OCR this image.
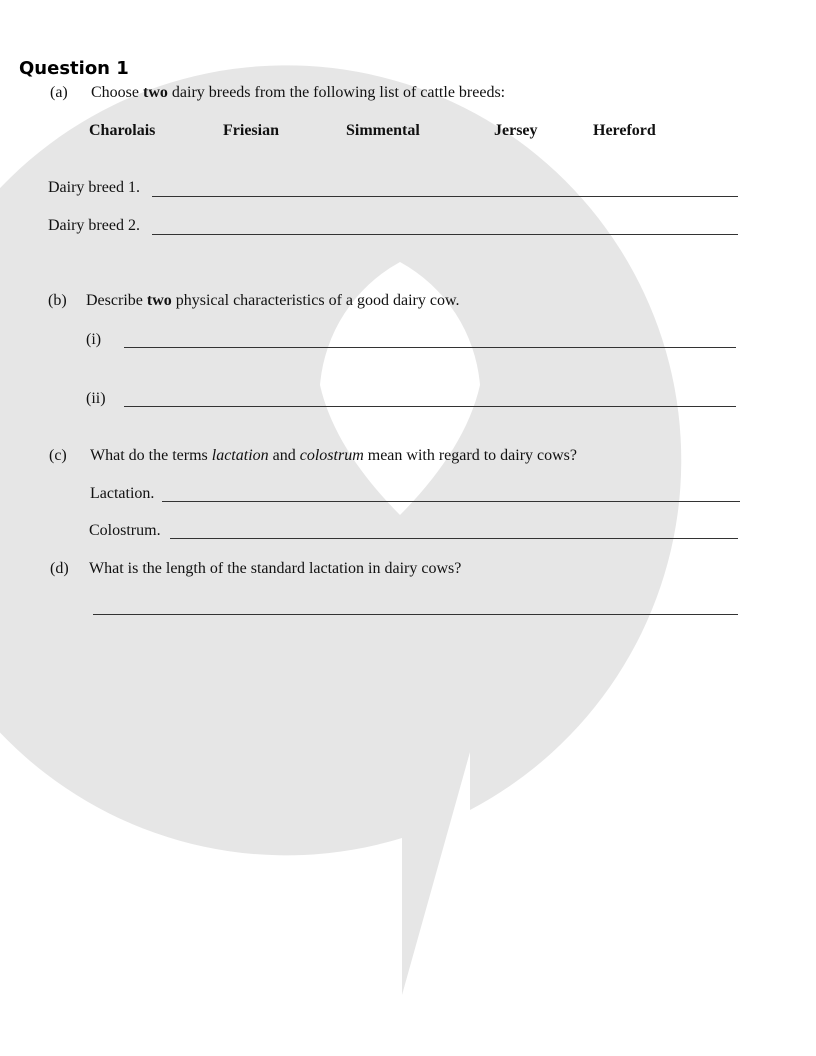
Question 1
(a) Choose two dairy breeds from the following list of cattle breeds:
Charolais	Friesian	Simmental	Jersey	Hereford
Dairy breed 1.
Dairy breed 2.
(b) Describe two physical characteristics of a good dairy cow.
(i)
(ii)
(c) What do the terms lactation and colostrum mean with regard to dairy cows?
Lactation.
Colostrum.
(d) What is the length of the standard lactation in dairy cows?
